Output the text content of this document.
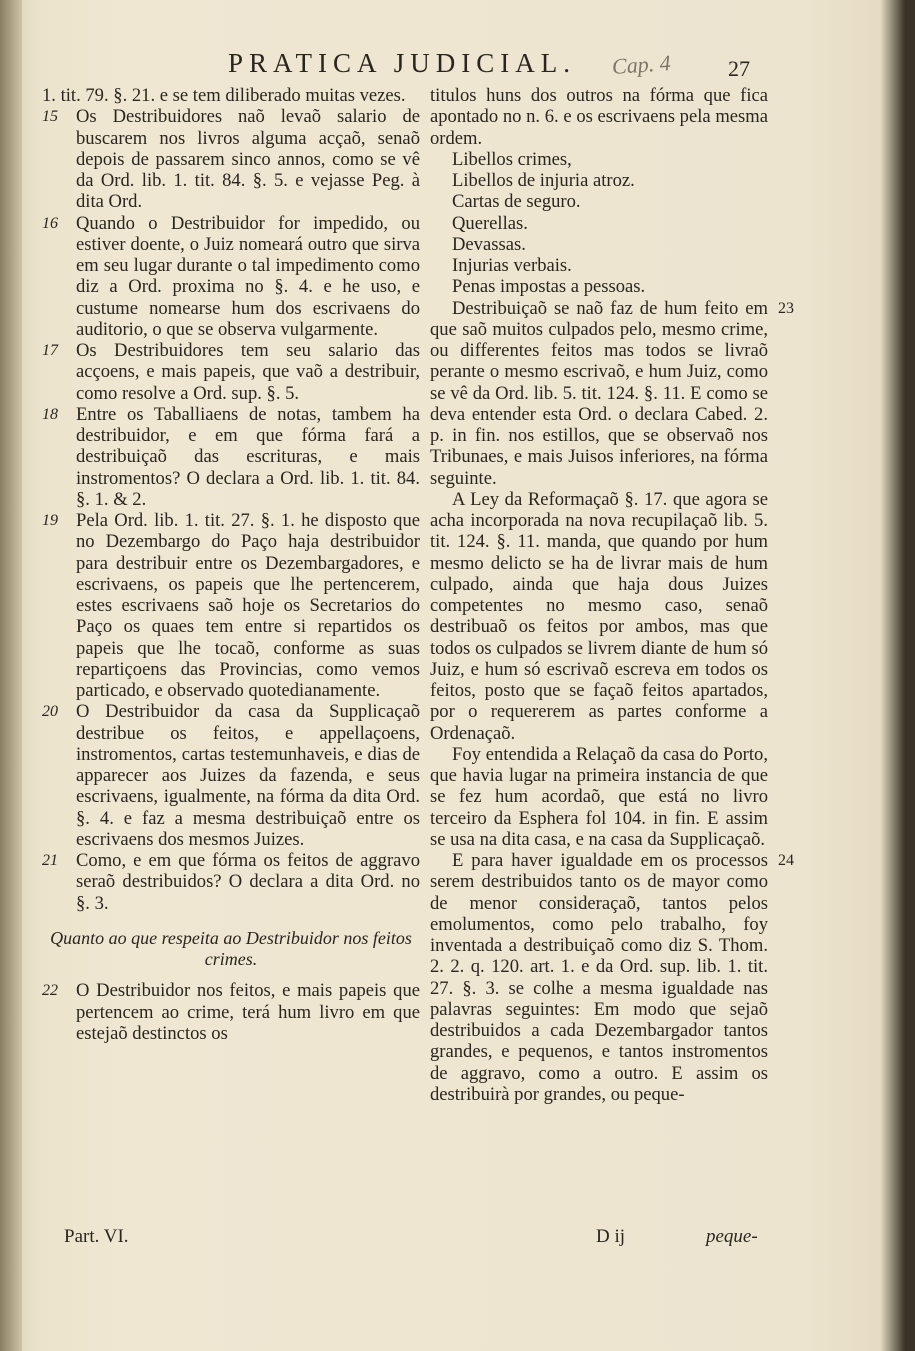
PRATICA JUDICIAL. Cap. 4	27

1. tit. 79. §. 21. e se tem diliberado muitas vezes.

15 Os Destribuidores naõ levaõ salario de buscarem nos livros alguma acçaõ, senaõ depois de passarem sinco annos, como se vê da Ord. lib. 1. tit. 84. §. 5. e vejasse Peg. à dita Ord.

16 Quando o Destribuidor for impedido, ou estiver doente, o Juiz nomeará outro que sirva em seu lugar durante o tal impedimento como diz a Ord. proxima no §. 4. e he uso, e custume nomearse hum dos escrivaens do auditorio, o que se observa vulgarmente.

17 Os Destribuidores tem seu salario das acçoens, e mais papeis, que vaõ a destribuir, como resolve a Ord. sup. §. 5.

18 Entre os Taballiaens de notas, tambem ha destribuidor, e em que fórma fará a destribuiçaõ das escrituras, e mais instromentos? O declara a Ord. lib. 1. tit. 84. §. 1. & 2.

19 Pela Ord. lib. 1. tit. 27. §. 1. he disposto que no Dezembargo do Paço haja destribuidor para destribuir entre os Dezembargadores, e escrivaens, os papeis que lhe pertencerem, estes escrivaens saõ hoje os Secretarios do Paço os quaes tem entre si repartidos os papeis que lhe tocaõ, conforme as suas repartiçoens das Provincias, como vemos particado, e observado quotedianamente.

20 O Destribuidor da casa da Supplicaçaõ destribue os feitos, e appellaçoens, instromentos, cartas testemunhaveis, e dias de apparecer aos Juizes da fazenda, e seus escrivaens, igualmente, na fórma da dita Ord. §. 4. e faz a mesma destribuiçaõ entre os escrivaens dos mesmos Juizes.

21 Como, e em que fórma os feitos de aggravo seraõ destribuidos? O declara a dita Ord. no §. 3.

Quanto ao que respeita ao Destribuidor nos feitos crimes.

22 O Destribuidor nos feitos, e mais papeis que pertencem ao crime, terá hum livro em que estejaõ destinctos os

titulos huns dos outros na fórma que fica apontado no n. 6. e os escrivaens pela mesma ordem.

Libellos crimes,
Libellos de injuria atroz.
Cartas de seguro.
Querellas.
Devassas.
Injurias verbais.
Penas impostas a pessoas.

23
Destribuiçaõ se naõ faz de hum feito em que saõ muitos culpados pelo, mesmo crime, ou differentes feitos mas todos se livraõ perante o mesmo escrivaõ, e hum Juiz, como se vê da Ord. lib. 5. tit. 124. §. 11. E como se deva entender esta Ord. o declara Cabed. 2. p. in fin. nos estillos, que se observaõ nos Tribunaes, e mais Juisos inferiores, na fórma seguinte.

A Ley da Reformaçaõ §. 17. que agora se acha incorporada na nova recupilaçaõ lib. 5. tit. 124. §. 11. manda, que quando por hum mesmo delicto se ha de livrar mais de hum culpado, ainda que haja dous Juizes competentes no mesmo caso, senaõ destribuaõ os feitos por ambos, mas que todos os culpados se livrem diante de hum só Juiz, e hum só escrivaõ escreva em todos os feitos, posto que se façaõ feitos apartados, por o requererem as partes conforme a Ordenaçaõ.

Foy entendida a Relaçaõ da casa do Porto, que havia lugar na primeira instancia de que se fez hum acordaõ, que está no livro terceiro da Esphera fol 104. in fin. E assim se usa na dita casa, e na casa da Supplicaçaõ.

24
E para haver igualdade em os processos serem destribuidos tanto os de mayor como de menor consideraçaõ, tantos pelos emolumentos, como pelo trabalho, foy inventada a destribuiçaõ como diz S. Thom. 2. 2. q. 120. art. 1. e da Ord. sup. lib. 1. tit. 27. §. 3. se colhe a mesma igualdade nas palavras seguintes: Em modo que sejaõ destribuidos a cada Dezembargador tantos grandes, e pequenos, e tantos instromentos de aggravo, como a outro. E assim os destribuirà por grandes, ou peque-

Part. VI.	D ij	peque-
